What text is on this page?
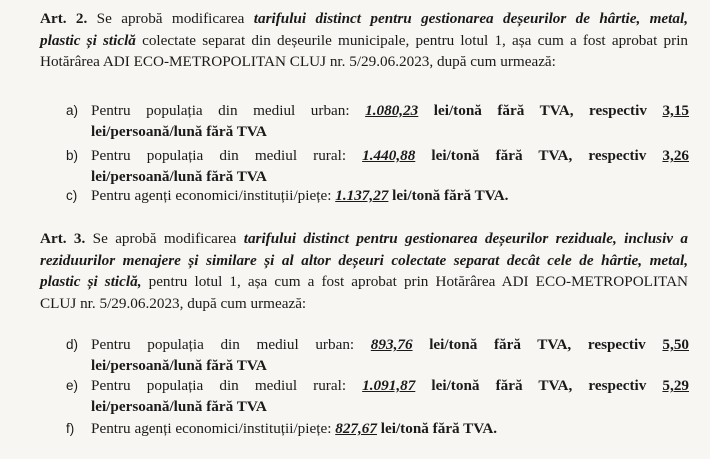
Art. 2. Se aprobă modificarea tarifului distinct pentru gestionarea deșeurilor de hârtie, metal,
plastic și sticlă colectate separat din deșeurile municipale, pentru lotul 1, așa cum a fost aprobat prin
Hotărârea ADI ECO-METROPOLITAN CLUJ nr. 5/29.06.2023, după cum urmează:
a) Pentru populația din mediul urban: 1.080,23 lei/tonă fără TVA, respectiv 3,15
lei/persoană/lună fără TVA
b) Pentru populația din mediul rural: 1.440,88 lei/tonă fără TVA, respectiv 3,26
lei/persoană/lună fără TVA
c) Pentru agenți economici/instituții/piețe: 1.137,27 lei/tonă fără TVA.
Art. 3. Se aprobă modificarea tarifului distinct pentru gestionarea deșeurilor reziduale, inclusiv a
reziduurilor menajere și similare și al altor deșeuri colectate separat decât cele de hârtie, metal,
plastic și sticlă, pentru lotul 1, așa cum a fost aprobat prin Hotărârea ADI ECO-METROPOLITAN
CLUJ nr. 5/29.06.2023, după cum urmează:
d) Pentru populația din mediul urban: 893,76 lei/tonă fără TVA, respectiv 5,50
lei/persoană/lună fără TVA
e) Pentru populația din mediul rural: 1.091,87 lei/tonă fără TVA, respectiv 5,29
lei/persoană/lună fără TVA
f) Pentru agenți economici/instituții/piețe: 827,67 lei/tonă fără TVA.
